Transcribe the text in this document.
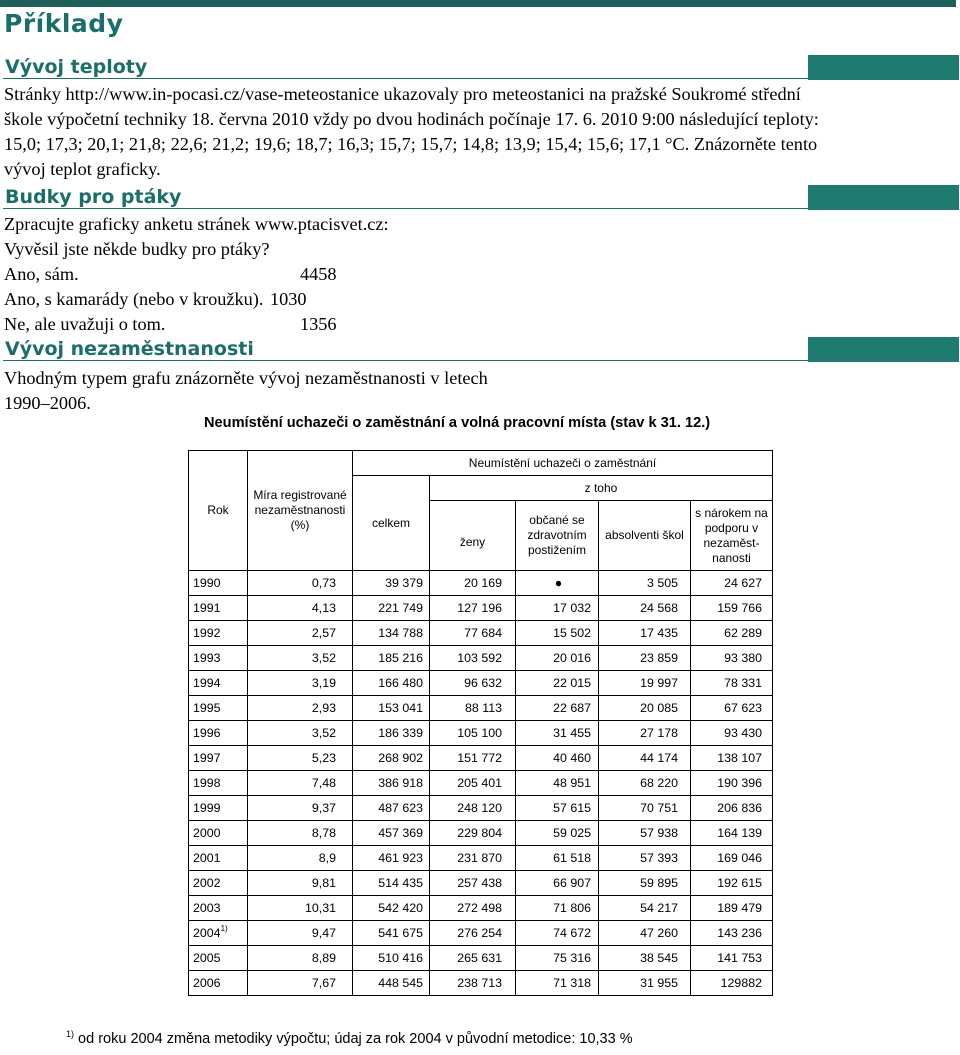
Příklady
Vývoj teploty
Stránky http://www.in-pocasi.cz/vase-meteostanice ukazovaly pro meteostanici na pražské Soukromé střední
škole výpočetní techniky 18. června 2010 vždy po dvou hodinách počínaje 17. 6. 2010 9:00 následující teploty:
15,0; 17,3; 20,1; 21,8; 22,6; 21,2; 19,6; 18,7; 16,3; 15,7; 15,7; 14,8; 13,9; 15,4; 15,6; 17,1 °C. Znázorněte tento
vývoj teplot graficky.
Budky pro ptáky
Zpracujte graficky anketu stránek www.ptacisvet.cz:
Vyvěsil jste někde budky pro ptáky?
Ano, sám.	4458
Ano, s kamarády (nebo v kroužku). 1030
Ne, ale uvažuji o tom.	1356
Vývoj nezaměstnanosti
Vhodným typem grafu znázorněte vývoj nezaměstnanosti v letech
1990–2006.
Neumístění uchazeči o zaměstnání a volná pracovní místa (stav k 31. 12.)
Rok	Míra registrované nezaměstnanosti (%)	Neumístění uchazeči o zaměstnání				
		celkem	z toho			
			ženy	občané se zdravotním postižením	absolventi škol	s nárokem na podporu v nezaměst- nanosti
1990	0,73	39 379	20 169	●	3 505	24 627
1991	4,13	221 749	127 196	17 032	24 568	159 766
1992	2,57	134 788	77 684	15 502	17 435	62 289
1993	3,52	185 216	103 592	20 016	23 859	93 380
1994	3,19	166 480	96 632	22 015	19 997	78 331
1995	2,93	153 041	88 113	22 687	20 085	67 623
1996	3,52	186 339	105 100	31 455	27 178	93 430
1997	5,23	268 902	151 772	40 460	44 174	138 107
1998	7,48	386 918	205 401	48 951	68 220	190 396
1999	9,37	487 623	248 120	57 615	70 751	206 836
2000	8,78	457 369	229 804	59 025	57 938	164 139
2001	8,9	461 923	231 870	61 518	57 393	169 046
2002	9,81	514 435	257 438	66 907	59 895	192 615
2003	10,31	542 420	272 498	71 806	54 217	189 479
2004$^{1)}$	9,47	541 675	276 254	74 672	47 260	143 236
2005	8,89	510 416	265 631	75 316	38 545	141 753
2006	7,67	448 545	238 713	71 318	31 955	129882
$^{1)}$ od roku 2004 změna metodiky výpočtu; údaj za rok 2004 v původní metodice: 10,33 %
